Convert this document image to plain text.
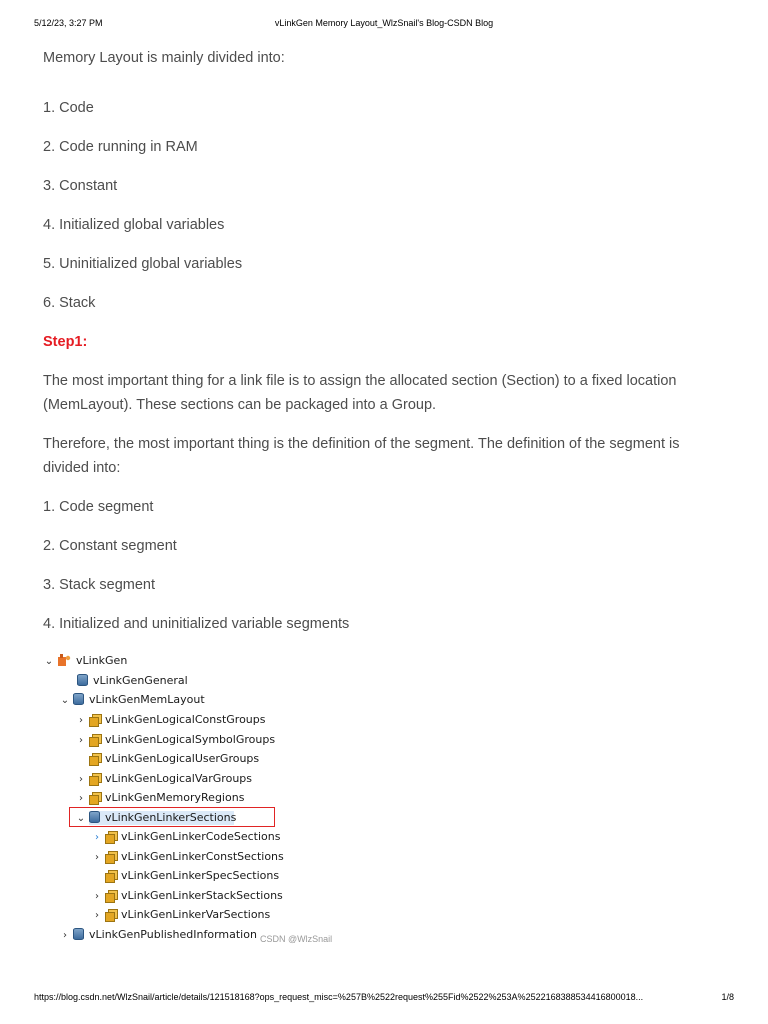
5/12/23, 3:27 PM	vLinkGen Memory Layout_WlzSnail's Blog-CSDN Blog

Memory Layout is mainly divided into:

1. Code

2. Code running in RAM

3. Constant

4. Initialized global variables

5. Uninitialized global variables

6. Stack

Step1:

The most important thing for a link file is to assign the allocated section (Section) to a fixed location (MemLayout). These sections can be packaged into a Group.

Therefore, the most important thing is the definition of the segment. The definition of the segment is divided into:

1. Code segment

2. Constant segment

3. Stack segment

4. Initialized and uninitialized variable segments

⌄ vLinkGen
vLinkGenGeneral
⌄ vLinkGenMemLayout
› vLinkGenLogicalConstGroups
› vLinkGenLogicalSymbolGroups
vLinkGenLogicalUserGroups
› vLinkGenLogicalVarGroups
› vLinkGenMemoryRegions
⌄ vLinkGenLinkerSections
› vLinkGenLinkerCodeSections
› vLinkGenLinkerConstSections
vLinkGenLinkerSpecSections
› vLinkGenLinkerStackSections
› vLinkGenLinkerVarSections
› vLinkGenPublishedInformation CSDN @WlzSnail
https://blog.csdn.net/WlzSnail/article/details/121518168?ops_request_misc=%257B%2522request%255Fid%2522%253A%2522168388534416800018...	1/8
